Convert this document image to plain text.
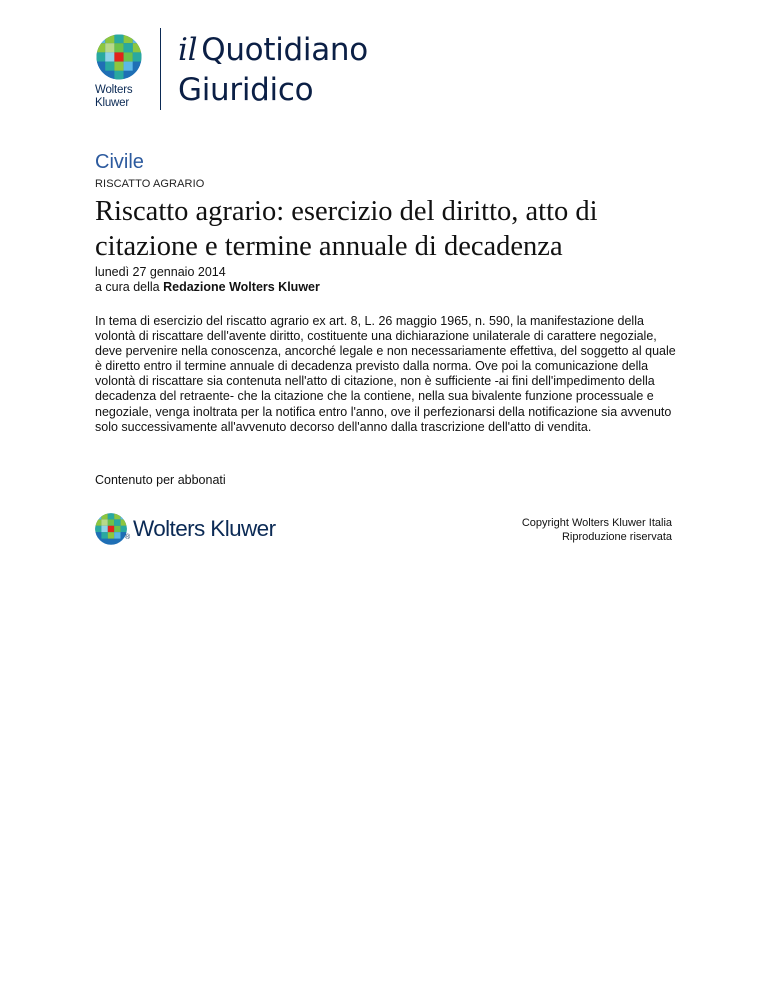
Wolters
Kluwer
il Quotidiano
Giuridico
Civile
RISCATTO AGRARIO
Riscatto agrario: esercizio del diritto, atto di citazione e termine annuale di decadenza
lunedì 27 gennaio 2014
a cura della Redazione Wolters Kluwer

In tema di esercizio del riscatto agrario ex art. 8, L. 26 maggio 1965, n. 590, la manifestazione della volontà di riscattare dell'avente diritto, costituente una dichiarazione unilaterale di carattere negoziale, deve pervenire nella conoscenza, ancorché legale e non necessariamente effettiva, del soggetto al quale è diretto entro il termine annuale di decadenza previsto dalla norma. Ove poi la comunicazione della volontà di riscattare sia contenuta nell'atto di citazione, non è sufficiente -ai fini dell'impedimento della decadenza del retraente- che la citazione che la contiene, nella sua bivalente funzione processuale e negoziale, venga inoltrata per la notifica entro l'anno, ove il perfezionarsi della notificazione sia avvenuto solo successivamente all'avvenuto decorso dell'anno dalla trascrizione dell'atto di vendita.

Contenuto per abbonati
® Wolters Kluwer	Copyright Wolters Kluwer Italia
Riproduzione riservata
